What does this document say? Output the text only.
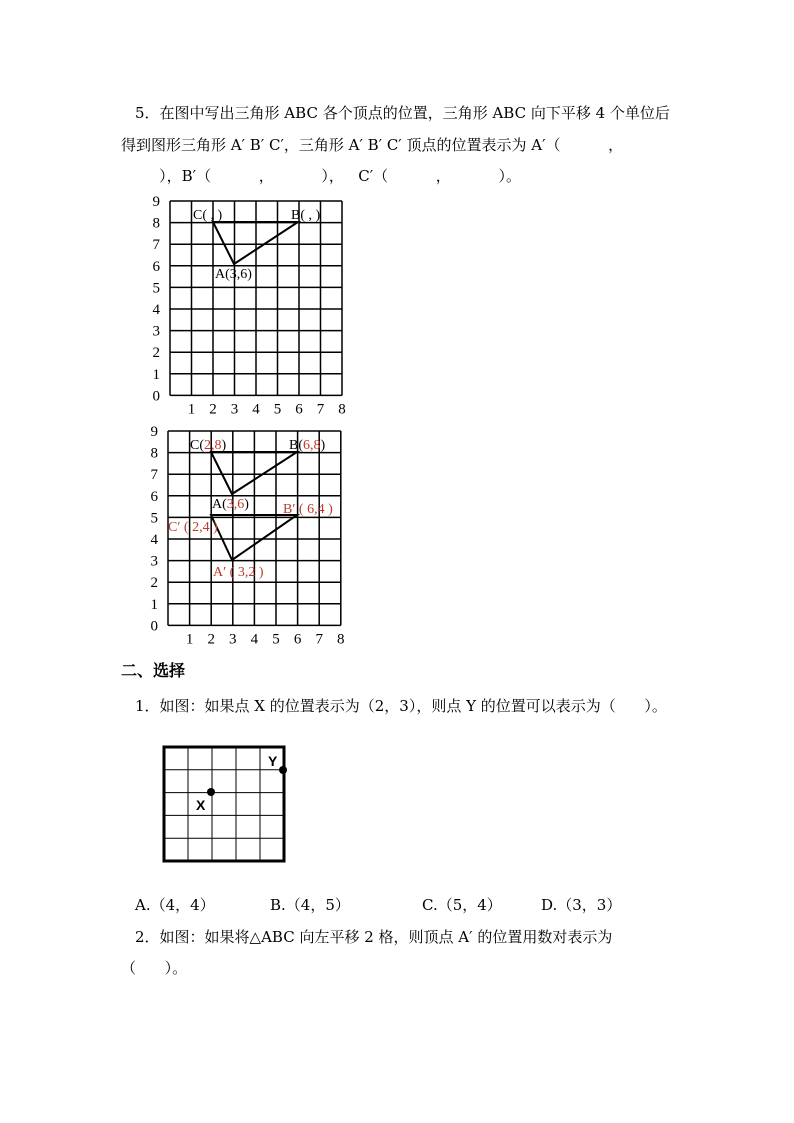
5．在图中写出三角形 ABC 各个顶点的位置，三角形 ABC 向下平移 4 个单位后
得到图形三角形 A′ B′ C′，三角形 A′ B′ C′ 顶点的位置表示为 A′（          ，
），B′（          ，          ），   C′（          ，          ）。
1 2 3 4 5 6 7 8
0
1
2
3
4
5
6
7
8
9
C( , )	B( , )
A(3,6)
1 2 3 4 5 6 7 8
0
1
2
3
4
5
6
7
8
9
C(2,8)	B(6,8)
A(3,6) B′ ( 6,4 )
C′ ( 2,4 )
A′ ( 3,2 )
二、选择
1．如图：如果点 X 的位置表示为（2，3），则点 Y 的位置可以表示为（      ）。
X
Y
A.（4，4）	B.（4，5）	C.（5，4）	D.（3，3）
2．如图：如果将△ABC 向左平移 2 格，则顶点 A′ 的位置用数对表示为
（      ）。
